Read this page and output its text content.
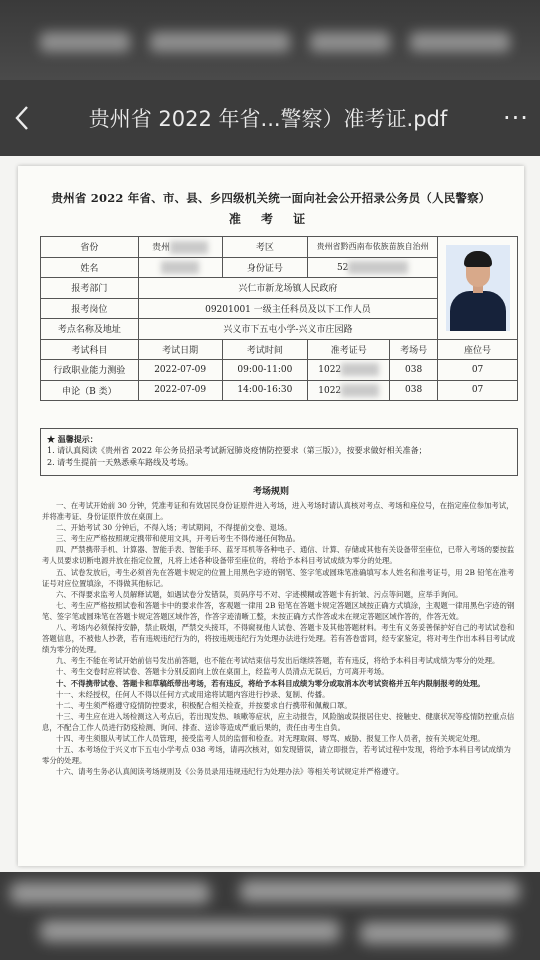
贵州省 2022 年省...警察）准考证.pdf	···
贵州省 2022 年省、市、县、乡四级机关统一面向社会公开招录公务员（人民警察）
准 考 证
省份	贵州	考区	贵州省黔西南布依族苗族自治州		

姓名		身份证号	52		
报考部门	兴仁市新龙场镇人民政府				
报考岗位	09201001 一级主任科员及以下工作人员				
考点名称及地址	兴义市下五屯小学-兴义市庄园路				
考试科目	考试日期	考试时间	准考证号	考场号	座位号
行政职业能力测验	2022-07-09	09:00-11:00	1022	038	07
申论（B 类）	2022-07-09	14:00-16:30	1022	038	07
★ 温馨提示：
1. 请认真阅读《贵州省 2022 年公务员招录考试新冠肺炎疫情防控要求（第三版）》，按要求做好相关准备；
2. 请考生提前一天熟悉乘车路线及考场。
考场规则

一、在考试开始前 30 分钟，凭准考证和有效居民身份证原件进入考场，进入考场时请认真核对考点、考场和座位号，在指定座位参加考试，并将准考证、身份证原件放在桌面上。

二、开始考试 30 分钟后，不得入场；考试期间，不得提前交卷、退场。

三、考生应严格按照规定携带和使用文具，开考后考生不得传递任何物品。

四、严禁携带手机、计算器、智能手表、智能手环、蓝牙耳机等各种电子、通信、计算、存储或其他有关设备带至座位，已带入考场的要按监考人员要求切断电源并放在指定位置，凡将上述各种设备带至座位的，将给予本科目考试成绩为零分的处理。

五、试卷发放后，考生必须首先在答题卡规定的位置上用黑色字迹的钢笔、签字笔或圆珠笔准确填写本人姓名和准考证号，用 2B 铅笔在准考证号对应位置填涂，不得做其他标记。

六、不得要求监考人员解释试题，如遇试卷分发错误，页码序号不对、字迹模糊或答题卡有折皱、污点等问题，应举手询问。

七、考生应严格按照试卷和答题卡中的要求作答，客观题一律用 2B 铅笔在答题卡规定答题区域按正确方式填涂，主观题一律用黑色字迹的钢笔、签字笔或圆珠笔在答题卡规定答题区域作答，作答字迹清晰工整，未按正确方式作答或未在规定答题区域作答的，作答无效。

八、考场内必须保持安静，禁止吸烟，严禁交头接耳，不得窥视他人试卷、答题卡及其他答题材料。考生有义务妥善保护好自己的考试试卷和答题信息，不被他人抄袭，若有违规违纪行为的，将按违规违纪行为处理办法进行处理。若有答卷雷同，经专家鉴定，将对考生作出本科目考试成绩为零分的处理。

九、考生不能在考试开始前信号发出前答题，也不能在考试结束信号发出后继续答题，若有违反，将给予本科目考试成绩为零分的处理。

十、考生交卷时应将试卷、答题卡分别反面向上放在桌面上，经监考人员清点无误后，方可离开考场。

十、不得携带试卷、答题卡和草稿纸带出考场，若有违反，将给予本科目成绩为零分或取消本次考试资格并五年内限制报考的处理。

十一、未经授权，任何人不得以任何方式或用途将试题内容进行抄录、复制、传播。

十二、考生须严格遵守疫情防控要求，积极配合相关检查，并按要求自行携带和佩戴口罩。

十三、考生应在进入场检测这入考点后，若出现发热、咳嗽等症状，应主动报告，风险脑或误报居住史、接触史、健康状况等疫情防控重点信息，不配合工作人员进行防疫检测、询问、排查、送诊等造成严重后果的，责任由考生自负。

十四、考生须服从考试工作人员管理，接受监考人员的监督和检查。对无理取闹、辱骂、威胁、报复工作人员者，按有关规定处理。

十五、本考场位于兴义市下五屯小学考点 038 考场，请再次核对，如发现错误，请立即报告，若考试过程中发现，将给予本科目考试成绩为零分的处理。

十六、请考生务必认真阅读考场规则及《公务员录用违规违纪行为处理办法》等相关考试规定并严格遵守。
